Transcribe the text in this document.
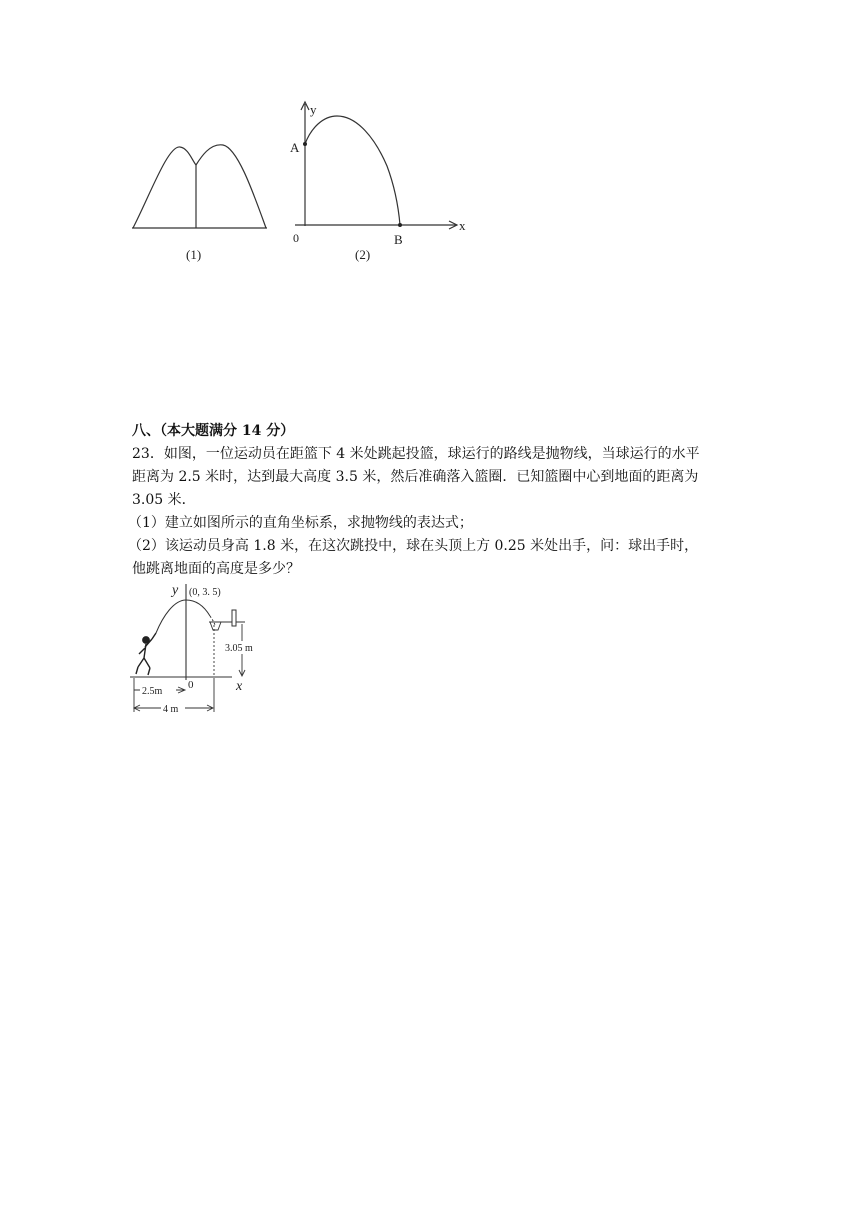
(1)
y
x
0
A
B
(2)
八、（本大题满分 14 分）

23．如图，一位运动员在距篮下 4 米处跳起投篮，球运行的路线是抛物线，当球运行的水平

距离为 2.5 米时，达到最大高度 3.5 米，然后准确落入篮圈．已知篮圈中心到地面的距离为

3.05 米．

（1）建立如图所示的直角坐标系，求抛物线的表达式；

（2）该运动员身高 1.8 米，在这次跳投中，球在头顶上方 0.25 米处出手，问：球出手时，

他跳离地面的高度是多少？

y
x
0
(0, 3. 5)
3.05 m
2.5m
4 m
